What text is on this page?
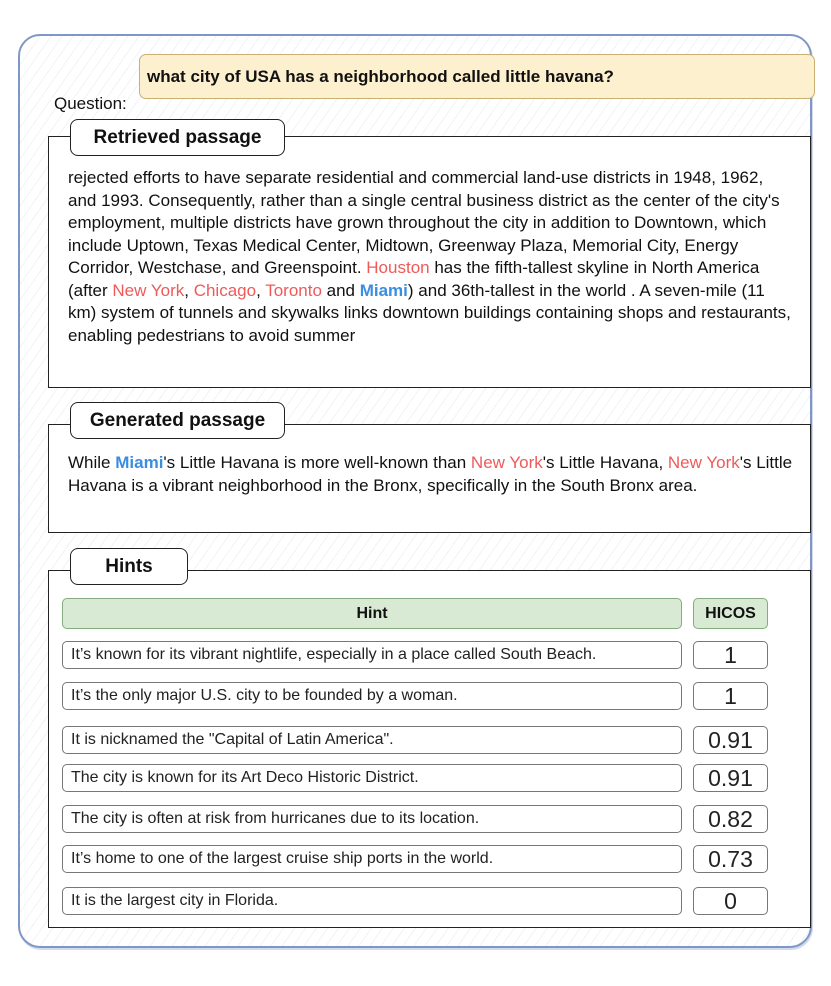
Question:
what city of USA has a neighborhood called little havana?
Retrieved passage
rejected efforts to have separate residential and commercial land-use districts in 1948, 1962, and 1993. Consequently, rather than a single central business district as the center of the city's employment, multiple districts have grown throughout the city in addition to Downtown, which include Uptown, Texas Medical Center, Midtown, Greenway Plaza, Memorial City, Energy Corridor, Westchase, and Greenspoint. Houston has the fifth-tallest skyline in North America (after New York, Chicago, Toronto and Miami) and 36th-tallest in the world . A seven-mile (11 km) system of tunnels and skywalks links downtown buildings containing shops and restaurants, enabling pedestrians to avoid summer
Generated passage
While Miami's Little Havana is more well-known than New York's Little Havana, New York's Little Havana is a vibrant neighborhood in the Bronx, specifically in the South Bronx area.
Hints
Hint	HICOS
It’s known for its vibrant nightlife, especially in a place called South Beach.	1
It’s the only major U.S. city to be founded by a woman.	1
It is nicknamed the "Capital of Latin America".	0.91
The city is known for its Art Deco Historic District.	0.91
The city is often at risk from hurricanes due to its location.	0.82
It’s home to one of the largest cruise ship ports in the world.	0.73
It is the largest city in Florida.	0
